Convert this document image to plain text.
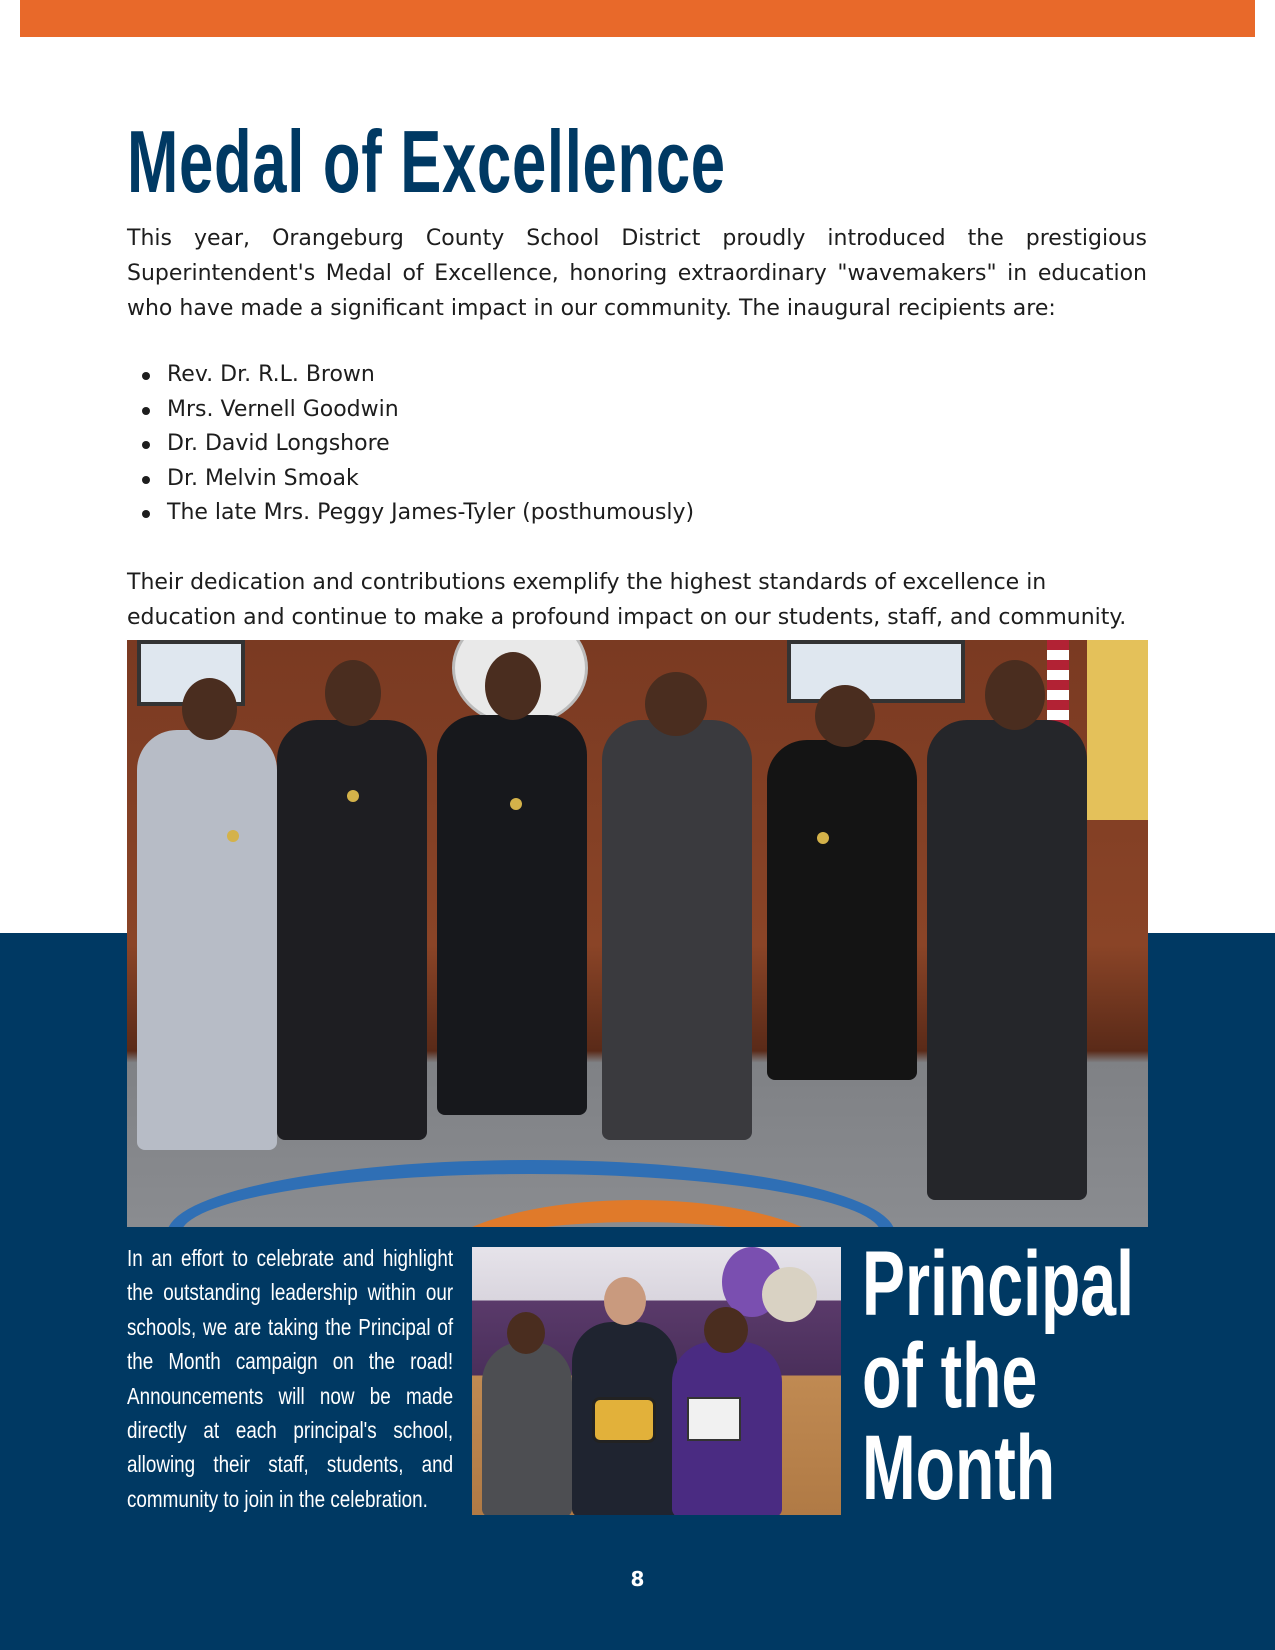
Medal of Excellence

This year, Orangeburg County School District proudly introduced the prestigious Superintendent's Medal of Excellence, honoring extraordinary "wavemakers" in education who have made a significant impact in our community. The inaugural recipients are:

Rev. Dr. R.L. Brown
Mrs. Vernell Goodwin
Dr. David Longshore
Dr. Melvin Smoak
The late Mrs. Peggy James-Tyler (posthumously)

Their dedication and contributions exemplify the highest standards of excellence in education and continue to make a profound impact on our students, staff, and community.

In an effort to celebrate and highlight the outstanding leadership within our schools, we are taking the Principal of the Month campaign on the road! Announcements will now be made directly at each principal's school, allowing their staff, students, and community to join in the celebration.

Principal
of the
Month
8
